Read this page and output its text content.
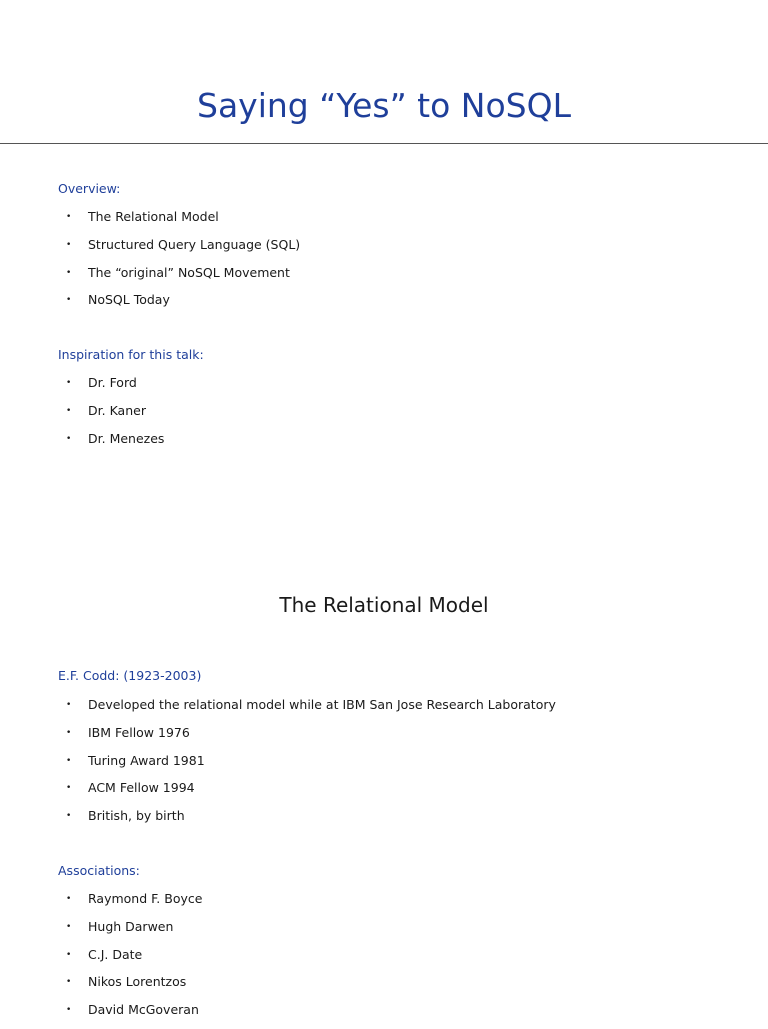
Saying “Yes” to NoSQL
Overview:
• The Relational Model
• Structured Query Language (SQL)
• The “original” NoSQL Movement
• NoSQL Today
Inspiration for this talk:
• Dr. Ford
• Dr. Kaner
• Dr. Menezes
The Relational Model
E.F. Codd: (1923-2003)
• Developed the relational model while at IBM San Jose Research Laboratory
• IBM Fellow 1976
• Turing Award 1981
• ACM Fellow 1994
• British, by birth
Associations:
• Raymond F. Boyce
• Hugh Darwen
• C.J. Date
• Nikos Lorentzos
• David McGoveran
